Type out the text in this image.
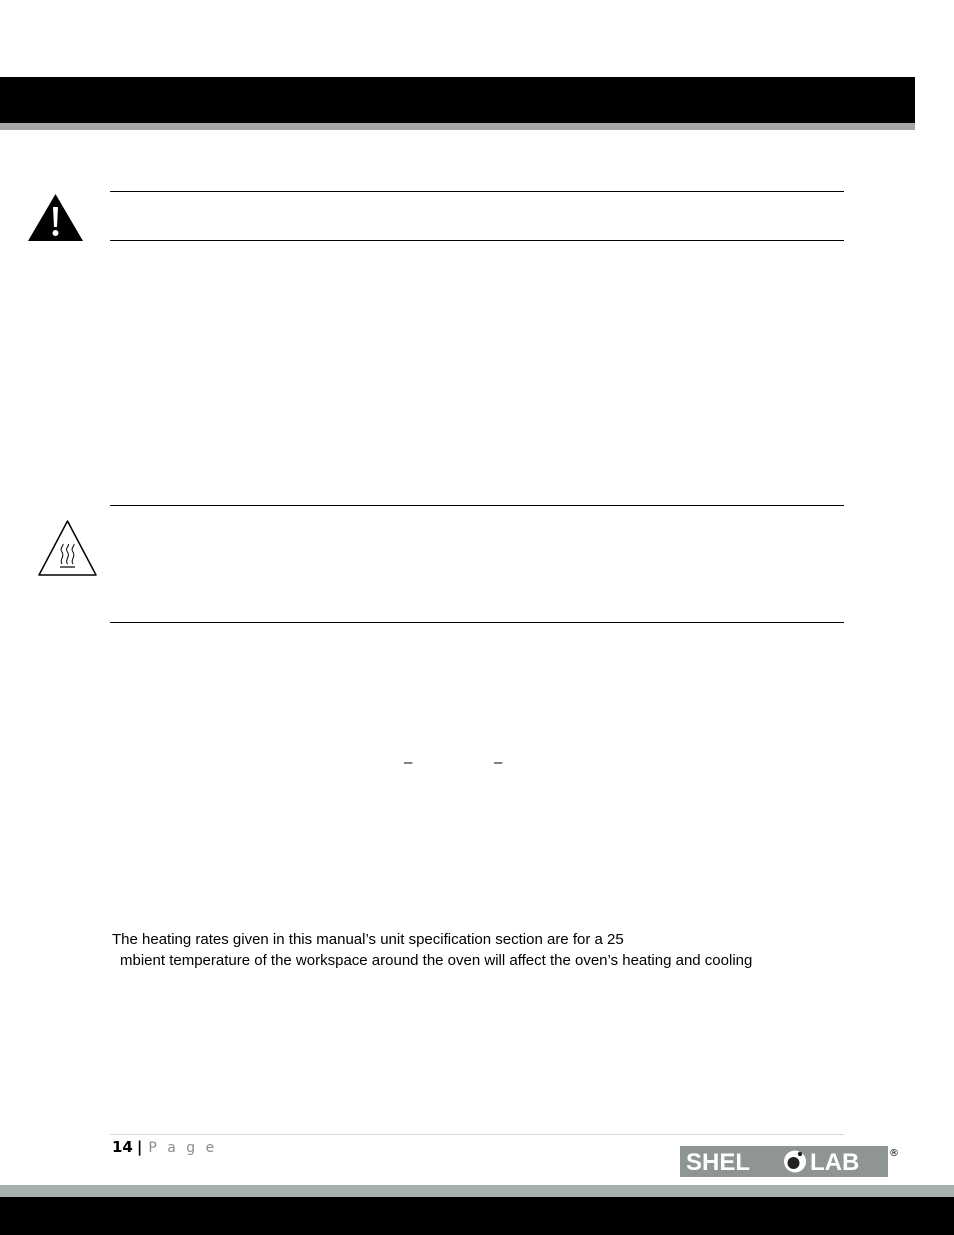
–	–
The heating rates given in this manual’s unit specification section are for a 25
mbient temperature of the workspace around the oven will affect the oven’s heating and cooling
14 | P a g e
SHEL LAB	®
